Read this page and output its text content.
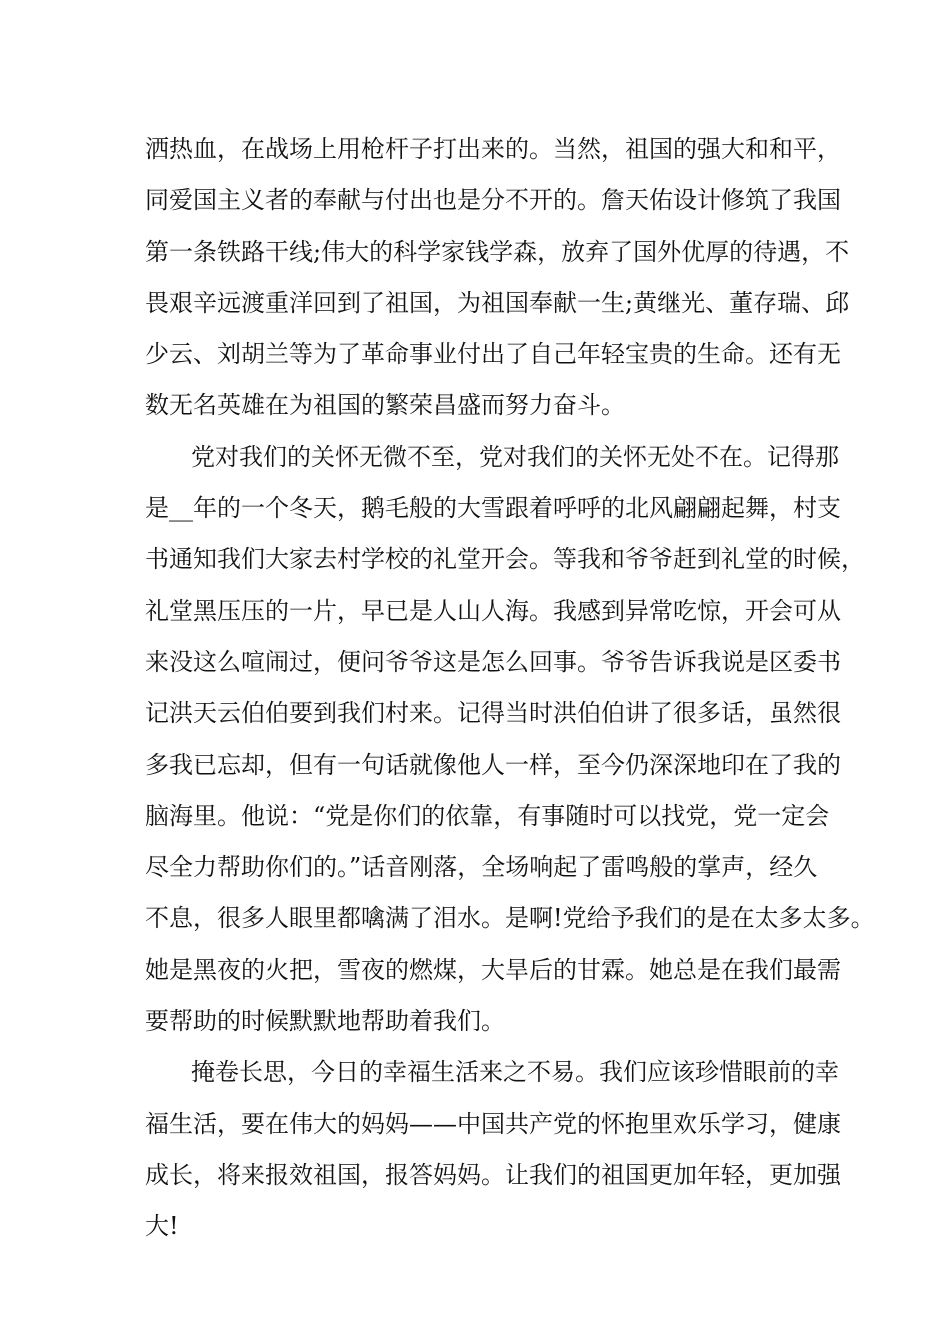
洒热血，在战场上用枪杆子打出来的。当然，祖国的强大和和平，
同爱国主义者的奉献与付出也是分不开的。詹天佑设计修筑了我国
第一条铁路干线;伟大的科学家钱学森，放弃了国外优厚的待遇，不
畏艰辛远渡重洋回到了祖国，为祖国奉献一生;黄继光、董存瑞、邱
少云、刘胡兰等为了革命事业付出了自己年轻宝贵的生命。还有无
数无名英雄在为祖国的繁荣昌盛而努力奋斗。
党对我们的关怀无微不至，党对我们的关怀无处不在。记得那
是__年的一个冬天，鹅毛般的大雪跟着呼呼的北风翩翩起舞，村支
书通知我们大家去村学校的礼堂开会。等我和爷爷赶到礼堂的时候，
礼堂黑压压的一片，早已是人山人海。我感到异常吃惊，开会可从
来没这么喧闹过，便问爷爷这是怎么回事。爷爷告诉我说是区委书
记洪天云伯伯要到我们村来。记得当时洪伯伯讲了很多话，虽然很
多我已忘却，但有一句话就像他人一样，至今仍深深地印在了我的
脑海里。他说：“党是你们的依靠，有事随时可以找党，党一定会
尽全力帮助你们的。”话音刚落，全场响起了雷鸣般的掌声，经久
不息，很多人眼里都噙满了泪水。是啊!党给予我们的是在太多太多。
她是黑夜的火把，雪夜的燃煤，大旱后的甘霖。她总是在我们最需
要帮助的时候默默地帮助着我们。
掩卷长思，今日的幸福生活来之不易。我们应该珍惜眼前的幸
福生活，要在伟大的妈妈——中国共产党的怀抱里欢乐学习，健康
成长，将来报效祖国，报答妈妈。让我们的祖国更加年轻，更加强
大!
